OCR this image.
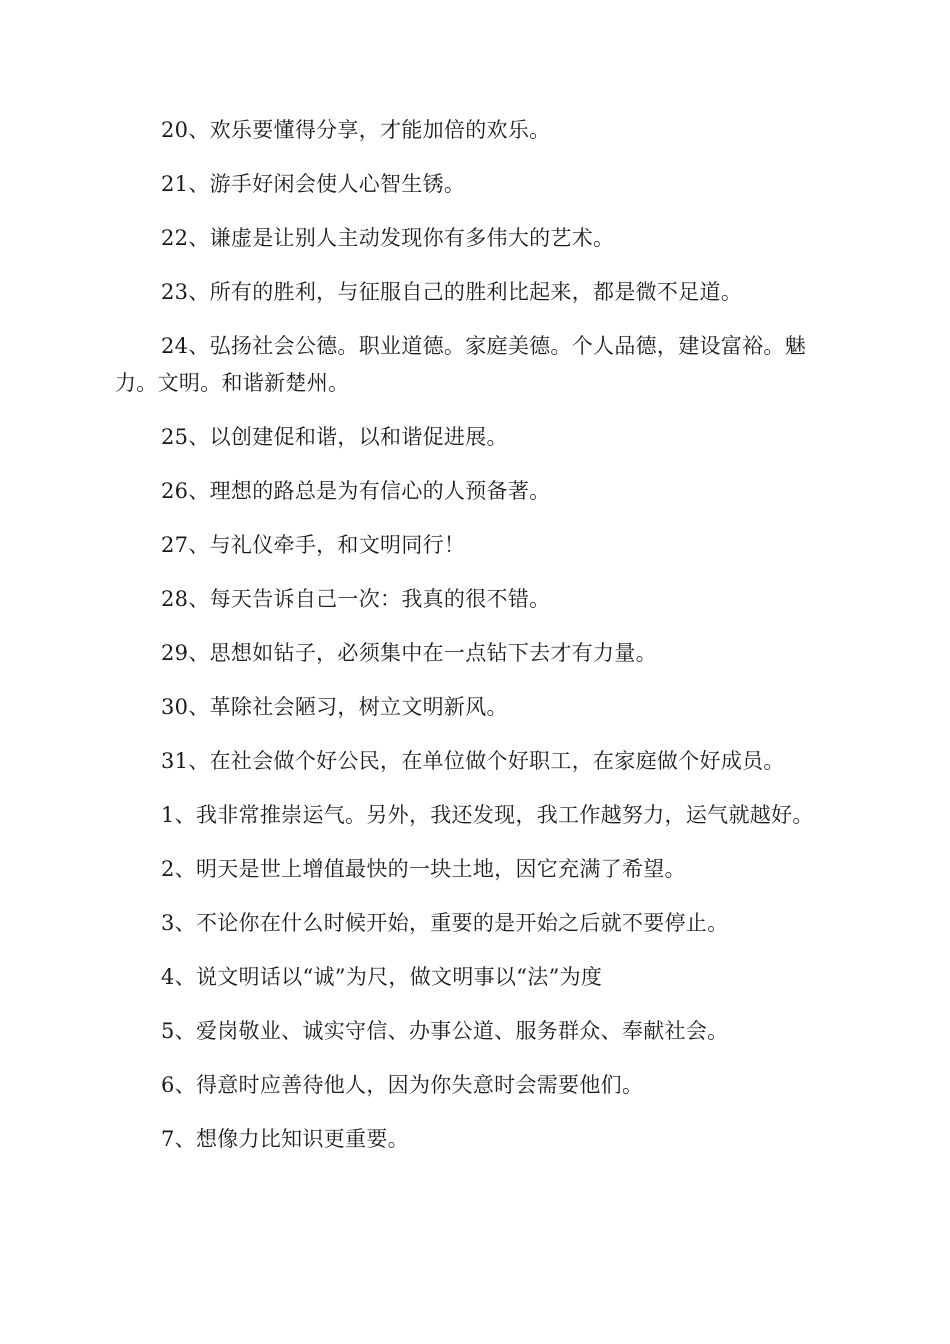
20、欢乐要懂得分享，才能加倍的欢乐。

21、游手好闲会使人心智生锈。

22、谦虚是让别人主动发现你有多伟大的艺术。

23、所有的胜利，与征服自己的胜利比起来，都是微不足道。

24、弘扬社会公德。职业道德。家庭美德。个人品德，建设富裕。魅力。文明。和谐新楚州。

25、以创建促和谐，以和谐促进展。

26、理想的路总是为有信心的人预备著。

27、与礼仪牵手，和文明同行！

28、每天告诉自己一次：我真的很不错。

29、思想如钻子，必须集中在一点钻下去才有力量。

30、革除社会陋习，树立文明新风。

31、在社会做个好公民，在单位做个好职工，在家庭做个好成员。

1、我非常推崇运气。另外，我还发现，我工作越努力，运气就越好。

2、明天是世上增值最快的一块土地，因它充满了希望。

3、不论你在什么时候开始，重要的是开始之后就不要停止。

4、说文明话以“诚”为尺，做文明事以“法”为度

5、爱岗敬业、诚实守信、办事公道、服务群众、奉献社会。

6、得意时应善待他人，因为你失意时会需要他们。

7、想像力比知识更重要。
